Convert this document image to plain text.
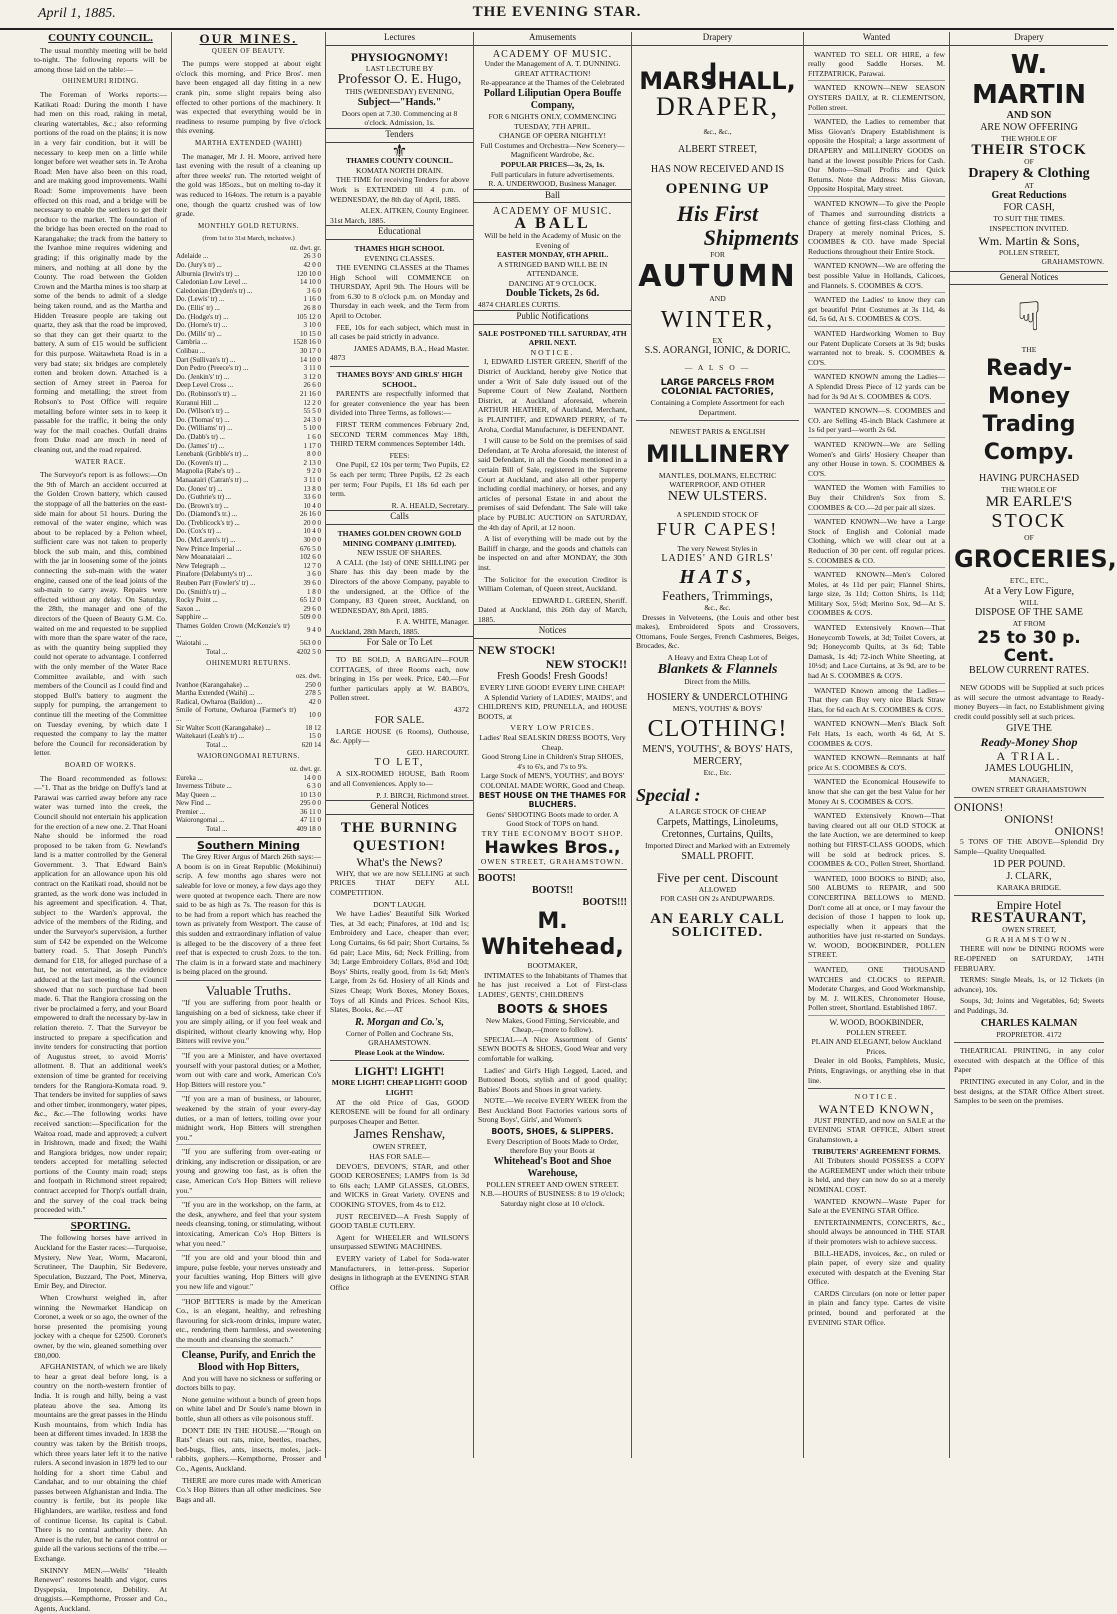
April 1, 1885.	THE EVENING STAR.
COUNTY COUNCIL.

The usual monthly meeting will be held to-night. The following reports will be among those laid on the table:—

OHINEMURI RIDING.

The Foreman of Works reports:—Katikati Road: During the month I have had men on this road, raking in metal, clearing watertables, &c.; also reforming portions of the road on the plains; it is now in a very fair condition, but it will be necessary to keep men on a little while longer before wet weather sets in. Te Aroha Road: Men have also been on this road, and are making good improvements. Waihi Road: Some improvements have been effected on this road, and a bridge will be necessary to enable the settlers to get their produce to the market. The foundation of the bridge has been erected on the road to Karangahake; the track from the battery to the Ivanhoe mine requires widening and grading; if this originally made by the miners, and nothing at all done by the County. The road between the Golden Crown and the Martha mines is too sharp at some of the bends to admit of a sledge being taken round, and as the Martha and Hidden Treasure people are taking out quartz, they ask that the road be improved, so that they can get their quartz to the battery. A sum of £15 would be sufficient for this purpose. Waitawheta Road is in a very bad state; six bridges are completely rotten and broken down. Attached is a section of Arney street in Paeroa for forming and metalling; the street from Robson's to Post Office will require metalling before winter sets in to keep it passable for the traffic, it being the only way for the mail coaches. Outfall drains from Duke road are much in need of cleaning out, and the road repaired.

WATER RACE.

The Surveyor's report is as follows:—On the 9th of March an accident occurred at the Golden Crown battery, which caused the stoppage of all the batteries on the east-side main for about 51 hours. During the removal of the water engine, which was about to be replaced by a Pelton wheel, sufficient care was not taken to properly block the sub main, and this, combined with the jar in loosening some of the joints connecting the sub-main with the water engine, caused one of the lead joints of the sub-main to carry away. Repairs were effected without any delay. On Saturday, the 28th, the manager and one of the directors of the Queen of Beauty G.M. Co. waited on me and requested to be supplied with more than the spare water of the race, as with the quantity being supplied they could not operate to advantage. I conferred with the only member of the Water Race Committee available, and with such members of the Council as I could find and stopped Bull's battery to augment the supply for pumping, the arrangement to continue till the meeting of the Committee on Tuesday evening, by which date I requested the company to lay the matter before the Council for reconsideration by letter.

BOARD OF WORKS.

The Board recommended as follows:—"1. That as the bridge on Duffy's land at Parawai was carried away before any race water was turned into the creek, the Council should not entertain his application for the erection of a new one. 2. That Hoani Nahe should be informed the road proposed to be taken from G. Newland's land is a matter controlled by the General Government. 3. That Edward Bain's application for an allowance upon his old contract on the Katikati road, should not be granted, as the work done was included in his agreement and specification. 4. That, subject to the Warden's approval, the advice of the members of the Riding, and under the Surveyor's supervision, a further sum of £42 be expended on the Welcome battery road. 5. That Joseph Punch's demand for £18, for alleged purchase of a hut, be not entertained, as the evidence adduced at the last meeting of the Council showed that no such purchase had been made. 6. That the Rangiora crossing on the river be proclaimed a ferry, and your Board empowered to draft the necessary by-law in relation thereto. 7. That the Surveyor be instructed to prepare a specification and invite tenders for constructing that portion of Augustus street, to avoid Morris' allotment. 8. That an additional week's extension of time be granted for receiving tenders for the Rangiora-Komata road. 9. That tenders be invited for supplies of saws and other timber, ironmongery, water pipes, &c., &c.—The following works have received sanction:—Specification for the Waitoa road, made and approved; a culvert in Irishtown, made and fixed; the Waihi and Rangiora bridges, now under repair; tenders accepted for metalling selected portions of the County main road; steps and footpath in Richmond street repaired; contract accepted for Thorp's outfall drain, and the survey of the coal track being proceeded with."

SPORTING.

The following horses have arrived in Auckland for the Easter races:—Turquoise, Mystery, New Year, Worm, Macaroni, Scrutineer, The Dauphin, Sir Bedevere, Speculation, Buzzard, The Poet, Minerva, Emir Bey, and Director.

When Crowhurst weighed in, after winning the Newmarket Handicap on Coronet, a week or so ago, the owner of the horse presented the promising young jockey with a cheque for £2500. Coronet's owner, by the win, gleaned something over £80,000.

AFGHANISTAN, of which we are likely to hear a great deal before long, is a country on the north-western frontier of India. It is rough and hilly, being a vast plateau above the sea. Among its mountains are the great passes in the Hindu Kush mountains, from which India has been at different times invaded. In 1838 the country was taken by the British troops, which three years later left it to the native rulers. A second invasion in 1879 led to our holding for a short time Cabul and Candahar, and to our obtaining the chief passes between Afghanistan and India. The country is fertile, but its people like Highlanders, are warlike, restless and fond of continue license. Its capital is Cabul. There is no central authority there. An Ameer is the ruler, but he cannot control or guide all the various sections of the tribe.—Exchange.

SKINNY MEN.—Wells' "Health Renewer" restores health and vigor, cures Dyspepsia, Impotence, Debility. At druggists.—Kempthorne, Prosser and Co., Agents, Auckland.

OUR MINES.
QUEEN OF BEAUTY.

The pumps were stopped at about eight o'clock this morning, and Price Bros'. men have been engaged all day fitting in a new crank pin, some slight repairs being also effected to other portions of the machinery. It was expected that everything would be in readiness to resume pumping by five o'clock this evening.

MARTHA EXTENDED (WAIHI)

The manager, Mr J. H. Moore, arrived here last evening with the result of a cleaning up after three weeks' run. The retorted weight of the gold was 185ozs., but on melting to-day it was reduced to 164ozs. The return is a payable one, though the quartz crushed was of low grade.

MONTHLY GOLD RETURNS.
(from 1st to 31st March, inclusive.)
	oz. dwt. gr.
Adelaide ...	26 3 0
Do. (Jury's tr) ...	42 0 0
Alburnia (Irwin's tr) ...	120 10 0
Caledonian Low Level ...	14 10 0
Caledonian (Dryden's tr) ...	3 6 0
Do. (Lewis' tr) ...	1 16 0
Do. (Ellis' tr) ...	26 8 0
Do. (Hodge's tr) ...	105 12 0
Do. (Horne's tr) ...	3 10 0
Do. (Mills' tr) ...	10 15 0
Cambria ...	1528 16 0
Colibau ...	30 17 0
Dart (Sullivan's tr) ...	14 10 0
Don Pedro (Preece's tr) ...	3 11 0
Do. (Jenkin's' tr) ...	3 12 0
Deep Level Cross ...	26 6 0
Do. (Robinson's tr) ...	21 16 0
Kuranui Hill ...	12 2 0
Do. (Wilson's tr) ...	55 5 0
Do. (Thomas' tr) ...	24 3 0
Do. (Williams' tr) ...	5 10 0
Do. (Dabb's tr) ...	1 6 0
Do. (James' tr) ...	1 17 0
Lenebank (Gribble's tr) ...	8 0 0
Do. (Koven's tr) ...	2 13 0
Magnolia (Rabe's tr) ...	9 2 0
Manaatairi (Catran's tr) ...	3 11 0
Do. (Jones' tr) ...	13 8 0
Do. (Guthrie's tr) ...	33 6 0
Do. (Brown's tr) ...	10 4 0
Do. (Diamond's tr.) ...	26 16 0
Do. (Treblicock's tr) ...	20 0 0
Do. (Cox's tr) ...	10 4 0
Do. (McLaren's tr) ...	30 0 0
New Prince Imperial ...	676 5 0
New Moanataiari ...	102 6 0
New Telegraph ...	12 7 0
Pinafore (Delabunty's tr) ...	3 6 0
Reuben Parr (Fowler's' tr) ...	39 6 0
Do. (Smith's tr) ...	1 8 0
Rocky Point ...	65 12 0
Saxon ...	29 6 0
Sapphire ...	509 0 0
Thames Golden Crown (McKenzie's tr) ...	9 4 0
Waiotahi ...	563 0 0
Total ...	4202 5 0
OHINEMURI RETURNS.
	ozs. dwt.
Ivanhoe (Karangahake) ...	250 0
Martha Extended (Waihi) ...	278 5
Radical, Owharoa (Baildon) ...	42 0
Smile of Fortune, Owharoa (Farmer's tr) ...	10 0
Sir Walter Scott (Karangahake) ...	18 12
Waitekauri (Leah's tr) ...	15 0
Total ...	620 14
WAIORONGOMAI RETURNS.
	oz. dwt. gr.
Eureka ...	14 0 0
Inverness Tribute ...	6 3 0
May Queen ...	10 13 0
New Find ...	295 0 0
Premier ...	36 11 0
Waiorongomai ...	47 11 0
Total ...	409 18 0
Southern Mining

The Grey River Argus of March 26th says:—A boom is on in Great Republic (Mokihinui) scrip. A few months ago shares were not saleable for love or money, a few days ago they were quoted at twopence each. There are now said to be as high as 7s. The reason for this is to be had from a report which has reached the town as privately from Westport. The cause of this sudden and extraordinary inflation of value is alleged to be the discovery of a three feet reef that is expected to crush 2ozs. to the ton. The claim is in a forward state and machinery is being placed on the ground.

Valuable Truths.

"If you are suffering from poor health or languishing on a bed of sickness, take cheer if you are simply ailing, or if you feel weak and dispirited, without clearly knowing why, Hop Bitters will revive you."

"If you are a Minister, and have overtaxed yourself with your pastoral duties; or a Mother, worn out with care and work, American Co's Hop Bitters will restore you."

"If you are a man of business, or labourer, weakened by the strain of your every-day duties, or a man of letters, toiling over your midnight work, Hop Bitters will strengthen you."

"If you are suffering from over-eating or drinking, any indiscretion or dissipation, or are young and growing too fast, as is often the case, American Co's Hop Bitters will relieve you."

"If you are in the workshop, on the farm, at the desk, anywhere, and feel that your system needs cleansing, toning, or stimulating, without intoxicating, American Co's Hop Bitters is what you need."

"If you are old and your blood thin and impure, pulse feeble, your nerves unsteady and your faculties waning, Hop Bitters will give you new life and vigour."

"HOP BITTERS is made by the American Co., is an elegant, healthy, and refreshing flavouring for sick-room drinks, impure water, etc., rendering them harmless, and sweetening the mouth and cleansing the stomach."

Cleanse, Purify, and Enrich the Blood with Hop Bitters,

And you will have no sickness or suffering or doctors bills to pay.

None genuine without a bunch of green hops on white label and Dr Soule's name blown in bottle, shun all others as vile poisonous stuff.

DON'T DIE IN THE HOUSE.—"Rough on Rats" clears out rats, mice, beetles, roaches, bed-bugs, flies, ants, insects, moles, jack-rabbits, gophers.—Kempthorne, Prosser and Co., Agents, Auckland.

THERE are more cures made with American Co.'s Hop Bitters than all other medicines. See Bags and all.

Lectures
PHYSIOGNOMY!
LAST LECTURE BY
Professor O. E. Hugo,
THIS (WEDNESDAY) EVENING,
Subject—"Hands."
Doors open at 7.30. Commencing at 8 o'clock. Admission, 1s.
Tenders
⚜
THAMES COUNTY COUNCIL.
KOMATA NORTH DRAIN.

THE TIME for receiving Tenders for above Work is EXTENDED till 4 p.m. of WEDNESDAY, the 8th day of April, 1885.

ALEX. AITKEN, County Engineer.
31st March, 1885.
Educational
THAMES HIGH SCHOOL
EVENING CLASSES.

THE EVENING CLASSES at the Thames High School will COMMENCE on THURSDAY, April 9th. The Hours will be from 6.30 to 8 o'clock p.m. on Monday and Thursday in each week, and the Term from April to October.

FEE, 10s for each subject, which must in all cases be paid strictly in advance.

JAMES ADAMS, B.A., Head Master.
4873
THAMES BOYS' AND GIRLS' HIGH SCHOOL.

PARENTS are respectfully informed that for greater convenience the year has been divided into Three Terms, as follows:—

FIRST TERM commences February 2nd, SECOND TERM commences May 18th, THIRD TERM commences September 14th.

FEES:

One Pupil, £2 10s per term; Two Pupils, £2 5s each per term; Three Pupils, £2 2s each per term; Four Pupils, £1 18s 6d each per term.

R. A. HEALD, Secretary.
Calls
THAMES GOLDEN CROWN GOLD MINING COMPANY (LIMITED).
NEW ISSUE OF SHARES.

A CALL (the 1st) of ONE SHILLING per Share has this day been made by the Directors of the above Company, payable to the undersigned, at the Office of the Company, 83 Queen street, Auckland, on WEDNESDAY, 8th April, 1885.

F. A. WHITE, Manager.
Auckland, 28th March, 1885.
For Sale or To Let

TO BE SOLD, A BARGAIN—FOUR COTTAGES, of three Rooms each, now bringing in 15s per week. Price, £40.—For further particulars apply at W. BABO's, Pollen street.

4372
FOR SALE.

LARGE HOUSE (6 Rooms), Outhouse, &c. Apply—

GEO. HARCOURT.
TO LET,

A SIX-ROOMED HOUSE, Bath Room and all Conveniences. Apply to—

P. J. BIRCH, Richmond street.
General Notices
THE BURNING QUESTION!
What's the News?

WHY, that we are now SELLING at such PRICES THAT DEFY ALL COMPETITION.

DON'T LAUGH.

We have Ladies' Beautiful Silk Worked Ties, at 3d each; Pinafores, at 10d and 1s; Embroidery and Lace, cheaper than ever; Long Curtains, 6s 6d pair; Short Curtains, 5s 6d pair; Lace Mits, 6d; Neck Frilling, from 3d; Large Embroidery Collars, 8½d and 10d; Boys' Shirts, really good, from 1s 6d; Men's Large, from 2s 6d. Hosiery of all Kinds and Sizes Cheap; Work Boxes, Money Boxes, Toys of all Kinds and Prices. School Kits, Slates, Books, &c.—AT

R. Morgan and Co.'s,
Corner of Pollen and Cochrane Sts, GRAHAMSTOWN.
Please Look at the Window.
LIGHT! LIGHT!
MORE LIGHT! CHEAP LIGHT! GOOD LIGHT!

AT the old Price of Gas, GOOD KEROSENE will be found for all ordinary purposes Cheaper and Better.

James Renshaw,
OWEN STREET,
HAS FOR SALE—

DEVOE'S, DEVON'S, STAR, and other GOOD KEROSENES; LAMPS from 1s 3d to 60s each; LAMP GLASSES, GLOBES, and WICKS in Great Variety. OVENS and COOKING STOVES, from 4s to £12.

JUST RECEIVED—A Fresh Supply of GOOD TABLE CUTLERY.

Agent for WHEELER and WILSON'S unsurpassed SEWING MACHINES.

EVERY variety of Label for Soda-water Manufacturers, in letter-press. Superior designs in lithograph at the EVENING STAR Office

Amusements
ACADEMY OF MUSIC.
Under the Management of A. T. DUNNING.
GREAT ATTRACTION!
Re-appearance at the Thames of the Celebrated
Pollard Liliputian Opera Bouffe Company,
FOR 6 NIGHTS ONLY, COMMENCING TUESDAY, 7TH APRIL.
CHANGE OF OPERA NIGHTLY!
Full Costumes and Orchestra—New Scenery—Magnificent Wardrobe, &c.
POPULAR PRICES—3s, 2s, 1s.
Full particulars in future advertisements.
R. A. UNDERWOOD, Business Manager.
Ball
ACADEMY OF MUSIC.
A BALL
Will be held in the Academy of Music on the Evening of
EASTER MONDAY, 6TH APRIL.
A STRINGED BAND WILL BE IN ATTENDANCE.
DANCING AT 9 O'CLOCK.
Double Tickets, 2s 6d.
4874 CHARLES CURTIS.
Public Notifications
SALE POSTPONED TILL SATURDAY, 4TH APRIL NEXT.
NOTICE.

I, EDWARD LISTER GREEN, Sheriff of the District of Auckland, hereby give Notice that under a Writ of Sale duly issued out of the Supreme Court of New Zealand, Northern District, at Auckland aforesaid, wherein ARTHUR HEATHER, of Auckland, Merchant, is PLAINTIFF, and EDWARD PERRY, of Te Aroha, Cordial Manufacturer, is DEFENDANT.

I will cause to be Sold on the premises of said Defendant, at Te Aroha aforesaid, the interest of said Defendant, in all the Goods mentioned in a certain Bill of Sale, registered in the Supreme Court at Auckland, and also all other property including cordial machinery, or horses, and any articles of personal Estate in and about the premises of said Defendant. The Sale will take place by PUBLIC AUCTION on SATURDAY, the 4th day of April, at 12 noon.

A list of everything will be made out by the Bailiff in charge, and the goods and chattels can be inspected on and after MONDAY, the 30th inst.

The Solicitor for the execution Creditor is William Coleman, of Queen street, Auckland.

EDWARD L. GREEN, Sheriff.
Dated at Auckland, this 26th day of March, 1885.
Notices
NEW STOCK!
NEW STOCK!!
Fresh Goods! Fresh Goods!
EVERY LINE GOOD! EVERY LINE CHEAP!

A Splendid Variety of LADIES', MAIDS', and CHILDREN'S KID, PRUNELLA, and HOUSE BOOTS, at

VERY LOW PRICES.
Ladies' Real SEALSKIN DRESS BOOTS, Very Cheap.
Good Strong Line in Children's Strap SHOES, 4's to 6's, and 7's to 9's.
Large Stock of MEN'S, YOUTHS', and BOYS' COLONIAL MADE WORK, Good and Cheap.
BEST HOUSE ON THE THAMES FOR BLUCHERS.
Gents' SHOOTING Boots made to order. A Good Stock of TOPS on hand.
TRY THE ECONOMY BOOT SHOP.
Hawkes Bros.,
OWEN STREET, GRAHAMSTOWN.
BOOTS!
BOOTS!!
BOOTS!!!
M. Whitehead,
BOOTMAKER,

INTIMATES to the Inhabitants of Thames that he has just received a Lot of First-class LADIES', GENTS', CHILDREN'S

BOOTS & SHOES
New Makes, Good Fitting, Serviceable, and Cheap,—(more to follow).

SPECIAL—A Nice Assortment of Gents' SEWN BOOTS & SHOES, Good Wear and very comfortable for walking.

Ladies' and Girl's High Legged, Laced, and Buttoned Boots, stylish and of good quality; Babies' Boots and Shoes in great variety.

NOTE.—We receive EVERY WEEK from the Best Auckland Boot Factories various sorts of Strong Boys', Girls', and Women's

BOOTS, SHOES, & SLIPPERS.
Every Description of Boots Made to Order, therefore Buy your Boots at
Whitehead's Boot and Shoe Warehouse,
POLLEN STREET AND OWEN STREET.
N.B.—HOURS of BUSINESS: 8 to 19 o'clock; Saturday night close at 10 o'clock.
Drapery
J. MARSHALL,
DRAPER,
&c., &c.,
ALBERT STREET,
HAS NOW RECEIVED AND IS
OPENING UP
His First
Shipments
FOR
AUTUMN
AND
WINTER,
EX
S.S. AORANGI, IONIC, & DORIC.
— A L S O —
LARGE PARCELS FROM COLONIAL FACTORIES,
Containing a Complete Assortment for each Department.
NEWEST PARIS & ENGLISH
MILLINERY
MANTLES, DOLMANS, ELECTRIC WATERPROOF, AND OTHER
NEW ULSTERS.
A SPLENDID STOCK OF
FUR CAPES!
The very Newest Styles in
LADIES' AND GIRLS'
HATS,
Feathers, Trimmings,
&c., &c.

Dresses in Velveteens, (the Louis and other best makes), Embroidered Spots and Crossovers, Ottomans, Foule Serges, French Cashmeres, Beiges, Brocades, &c.

A Heavy and Extra Cheap Lot of
Blankets & Flannels
Direct from the Mills.
HOSIERY & UNDERCLOTHING
MEN'S, YOUTHS' & BOYS'
CLOTHING!
MEN'S, YOUTHS', & BOYS' HATS, MERCERY,
Etc., Etc.
Special :
A LARGE STOCK OF CHEAP
Carpets, Mattings, Linoleums, Cretonnes, Curtains, Quilts,
Imported Direct and Marked with an Extremely
SMALL PROFIT.
Five per cent. Discount
ALLOWED
FOR CASH ON 2s ANDUPWARDS.
AN EARLY CALL
SOLICITED.
Wanted

WANTED TO SELL OR HIRE, a few really good Saddle Horses. M. FITZPATRICK, Parawai.

WANTED KNOWN—NEW SEASON OYSTERS DAILY, at R. CLEMENTSON, Pollen street.

WANTED, the Ladies to remember that Miss Giovan's Drapery Establishment is opposite the Hospital; a large assortment of DRAPERY and MILLINERY GOODS on hand at the lowest possible Prices for Cash. Our Motto—Small Profits and Quick Returns. Note the Address: Miss Giovan, Opposite Hospital, Mary street.

WANTED KNOWN—To give the People of Thames and surrounding districts a chance of getting first-class Clothing and Drapery at merely nominal Prices, S. COOMBES & CO. have made Special Reductions throughout their Entire Stock.

WANTED KNOWN—We are offering the best possible Value in Hollands, Calicoes, and Flannels. S. COOMBES & CO'S.

WANTED the Ladies' to know they can get beautiful Print Costumes at 3s 11d, 4s 6d, 5s 6d, At S. COOMBES & CO'S.

WANTED Hardworking Women to Buy our Patent Duplicate Corsets at 3s 9d; busks warranted not to break. S. COOMBES & CO'S.

WANTED KNOWN among the Ladies—A Splendid Dress Piece of 12 yards can be had for 3s 9d At S. COOMBES & CO'S.

WANTED KNOWN—S. COOMBES and CO. are Selling 45-inch Black Cashmere at 1s 6d per yard—worth 2s 6d.

WANTED KNOWN—We are Selling Women's and Girls' Hosiery Cheaper than any other House in town. S. COOMBES & CO'S.

WANTED the Women with Families to Buy their Children's Sox from S. COOMBES & CO.—2d per pair all sizes.

WANTED KNOWN—We have a Large Stock of English and Colonial made Clothing, which we will clear out at a Reduction of 30 per cent. off regular prices. S. COOMBES & CO.

WANTED KNOWN—Men's Colored Moles, at 4s 11d per pair; Flannel Shirts, large size, 3s 11d; Cotton Shirts, 1s 11d; Military Sox, 5½d; Merino Sox, 9d—At S. COOMBES & CO'S.

WANTED Extensively Known—That Honeycomb Towels, at 3d; Toilet Covers, at 9d; Honeycomb Quilts, at 3s 6d; Table Damask, 1s 4d; 72-inch White Sheeting, at 10½d; and Lace Curtains, at 3s 9d, are to be had At S. COOMBES & CO'S.

WANTED Known among the Ladies—That they can Buy very nice Black Straw Hats, for 6d each At S. COOMBES & CO'S.

WANTED KNOWN—Men's Black Soft Felt Hats, 1s each, worth 4s 6d, At S. COOMBES & CO'S.

WANTED KNOWN—Remnants at half price At S. COOMBES & CO'S.

WANTED the Economical Housewife to know that she can get the best Value for her Money At S. COOMBES & CO'S.

WANTED Extensively Known—That having cleared out all our OLD STOCK at the late Auction, we are determined to keep nothing but FIRST-CLASS GOODS, which will be sold at bedrock prices. S. COOMBES & CO., Pollen Street, Shortland.

WANTED, 1000 BOOKS to BIND; also, 500 ALBUMS to REPAIR, and 500 CONCERTINA BELLOWS to MEND. Don't come all at once, or I may favour the decision of those I happen to look up, especially when it appears that the authorities have just re-started on Sundays. W. WOOD, BOOKBINDER, POLLEN STREET.

WANTED, ONE THOUSAND WATCHES and CLOCKS to REPAIR. Moderate Charges, and Good Workmanship, by M. J. WILKES, Chronometer House, Pollen street, Shortland. Established 1867.

W. WOOD, BOOKBINDER,
POLLEN STREET.
PLAIN AND ELEGANT, below Auckland Prices.

Dealer in old Books, Pamphlets, Music, Prints, Engravings, or anything else in that line.

NOTICE.
WANTED KNOWN,

JUST PRINTED, and now on SALE at the EVENING STAR OFFICE, Albert street Grahamstown, a

TRIBUTERS' AGREEMENT FORMS.

All Tributers should POSSESS a COPY the AGREEMENT under which their tribute is held, and they can now do so at a merely NOMINAL COST.

WANTED KNOWN—Waste Paper for Sale at the EVENING STAR Office.

ENTERTAINMENTS, CONCERTS, &c., should always be announced in THE STAR if their promoters wish to achieve success.

BILL-HEADS, invoices, &c., on ruled or plain paper, of every size and quality executed with despatch at the Evening Star Office.

CARDS Circulars (on note or letter paper in plain and fancy type. Cartes de visite printed, bound and perforated at the EVENING STAR Office.

Drapery
W. MARTIN
AND SON
ARE NOW OFFERING
THE WHOLE OF
THEIR STOCK
OF
Drapery & Clothing
AT
Great Reductions
FOR CASH,
TO SUIT THE TIMES.
INSPECTION INVITED.
Wm. Martin & Sons,
POLLEN STREET,
GRAHAMSTOWN.
General Notices
☟
THE
Ready-Money
Trading Compy.
HAVING PURCHASED
THE WHOLE OF
MR EARLE'S
STOCK
OF
GROCERIES,
ETC., ETC.,
At a Very Low Figure,
WILL
DISPOSE OF THE SAME
AT FROM
25 to 30 p. Cent.
BELOW CURRENT RATES.

NEW GOODS will be Supplied at such prices as will secure the utmost advantage to Ready-money Buyers—in fact, no Establishment giving credit could possibly sell at such prices.

GIVE THE
Ready-Money Shop
A TRIAL.
JAMES LOUGHLIN,
MANAGER,
OWEN STREET GRAHAMSTOWN
ONIONS!
ONIONS!
ONIONS!

5 TONS OF THE ABOVE—Splendid Dry Sample—Quality Unequalled.

1D PER POUND.
J. CLARK,
KARAKA BRIDGE.
Empire Hotel
RESTAURANT,
OWEN STREET,
GRAHAMSTOWN.

THERE will now be DINING ROOMS were RE-OPENED on SATURDAY, 14TH FEBRUARY.

TERMS: Single Meals, 1s, or 12 Tickets (in advance), 10s.

Soups, 3d; Joints and Vegetables, 6d; Sweets and Puddings, 3d.

CHARLES KALMAN
PROPRIETOR. 4172

THEATRICAL PRINTING, in any color executed with despatch at the Office of this Paper

PRINTING executed in any Color, and in the best designs, at the STAR Office Albert street. Samples to be seen on the premises.
